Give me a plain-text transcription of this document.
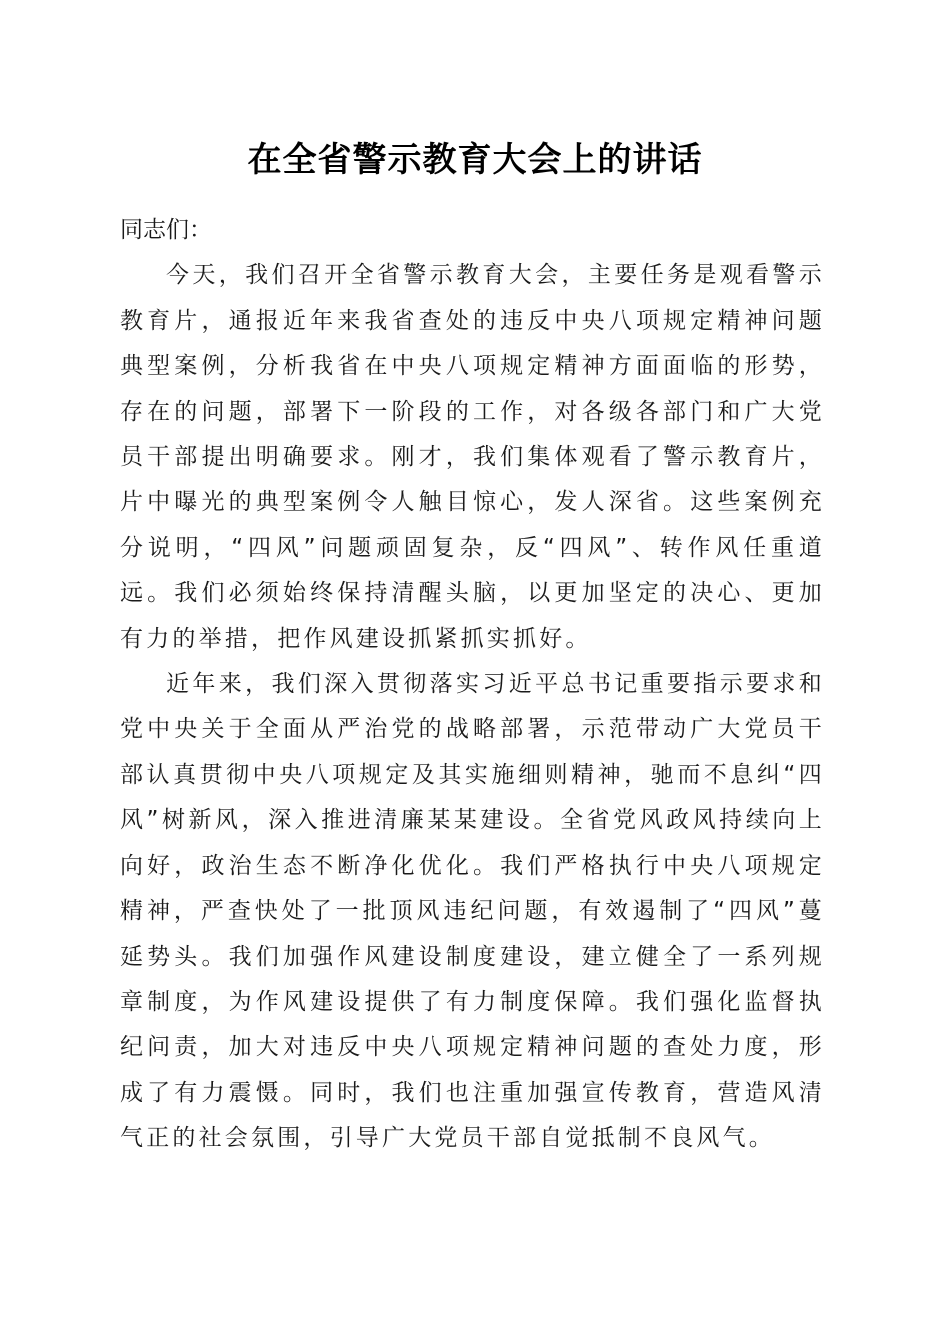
在全省警示教育大会上的讲话

同志们：

今天，我们召开全省警示教育大会，主要任务是观看警示教育片，通报近年来我省查处的违反中央八项规定精神问题典型案例，分析我省在中央八项规定精神方面面临的形势，存在的问题，部署下一阶段的工作，对各级各部门和广大党员干部提出明确要求。刚才，我们集体观看了警示教育片，片中曝光的典型案例令人触目惊心，发人深省。这些案例充分说明，“四风”问题顽固复杂，反“四风”、转作风任重道远。我们必须始终保持清醒头脑，以更加坚定的决心、更加有力的举措，把作风建设抓紧抓实抓好。

近年来，我们深入贯彻落实习近平总书记重要指示要求和党中央关于全面从严治党的战略部署，示范带动广大党员干部认真贯彻中央八项规定及其实施细则精神，驰而不息纠“四风”树新风，深入推进清廉某某建设。全省党风政风持续向上向好，政治生态不断净化优化。我们严格执行中央八项规定精神，严查快处了一批顶风违纪问题，有效遏制了“四风”蔓延势头。我们加强作风建设制度建设，建立健全了一系列规章制度，为作风建设提供了有力制度保障。我们强化监督执纪问责，加大对违反中央八项规定精神问题的查处力度，形成了有力震慑。同时，我们也注重加强宣传教育，营造风清气正的社会氛围，引导广大党员干部自觉抵制不良风气。
